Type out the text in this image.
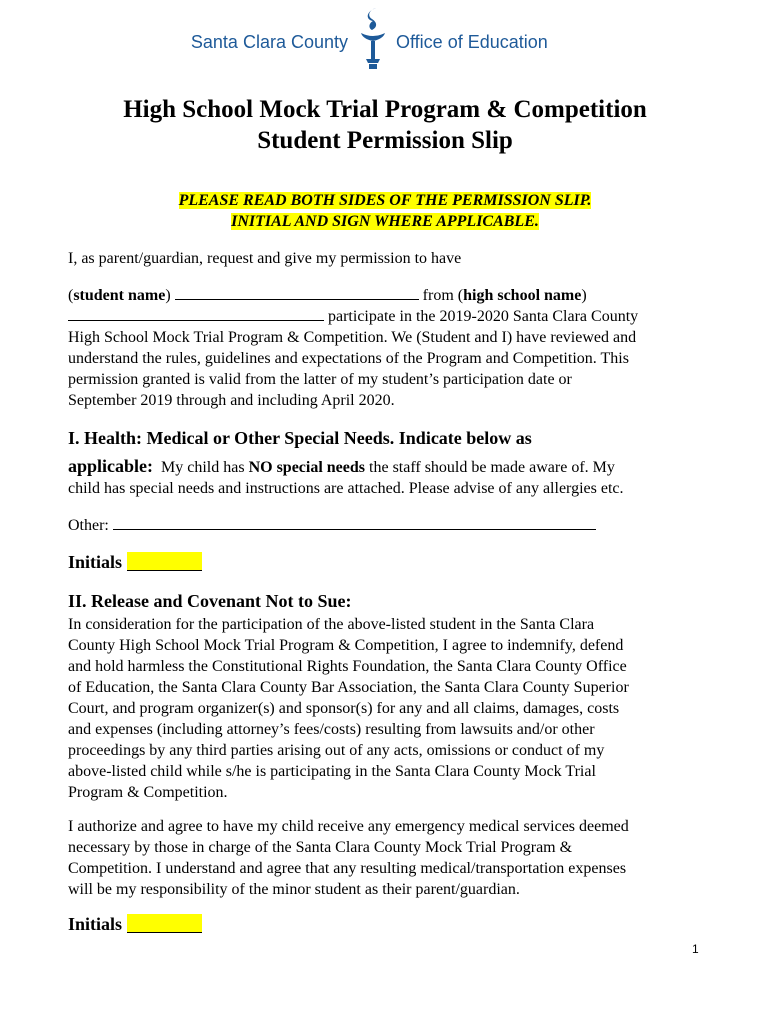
Santa Clara County	Office of Education
High School Mock Trial Program & Competition
Student Permission Slip
PLEASE READ BOTH SIDES OF THE PERMISSION SLIP.
INITIAL AND SIGN WHERE APPLICABLE.
I, as parent/guardian, request and give my permission to have
(student name)	from (high school name)
participate in the 2019-2020 Santa Clara County
High School Mock Trial Program & Competition. We (Student and I) have reviewed and
understand the rules, guidelines and expectations of the Program and Competition. This
permission granted is valid from the latter of my student’s participation date or
September 2019 through and including April 2020.
I. Health: Medical or Other Special Needs. Indicate below as
applicable: My child has NO special needs the staff should be made aware of. My
child has special needs and instructions are attached. Please advise of any allergies etc.
Other:
Initials
II. Release and Covenant Not to Sue:
In consideration for the participation of the above-listed student in the Santa Clara
County High School Mock Trial Program & Competition, I agree to indemnify, defend
and hold harmless the Constitutional Rights Foundation, the Santa Clara County Office
of Education, the Santa Clara County Bar Association, the Santa Clara County Superior
Court, and program organizer(s) and sponsor(s) for any and all claims, damages, costs
and expenses (including attorney’s fees/costs) resulting from lawsuits and/or other
proceedings by any third parties arising out of any acts, omissions or conduct of my
above-listed child while s/he is participating in the Santa Clara County Mock Trial
Program & Competition.
I authorize and agree to have my child receive any emergency medical services deemed
necessary by those in charge of the Santa Clara County Mock Trial Program &
Competition. I understand and agree that any resulting medical/transportation expenses
will be my responsibility of the minor student as their parent/guardian.
Initials
1
